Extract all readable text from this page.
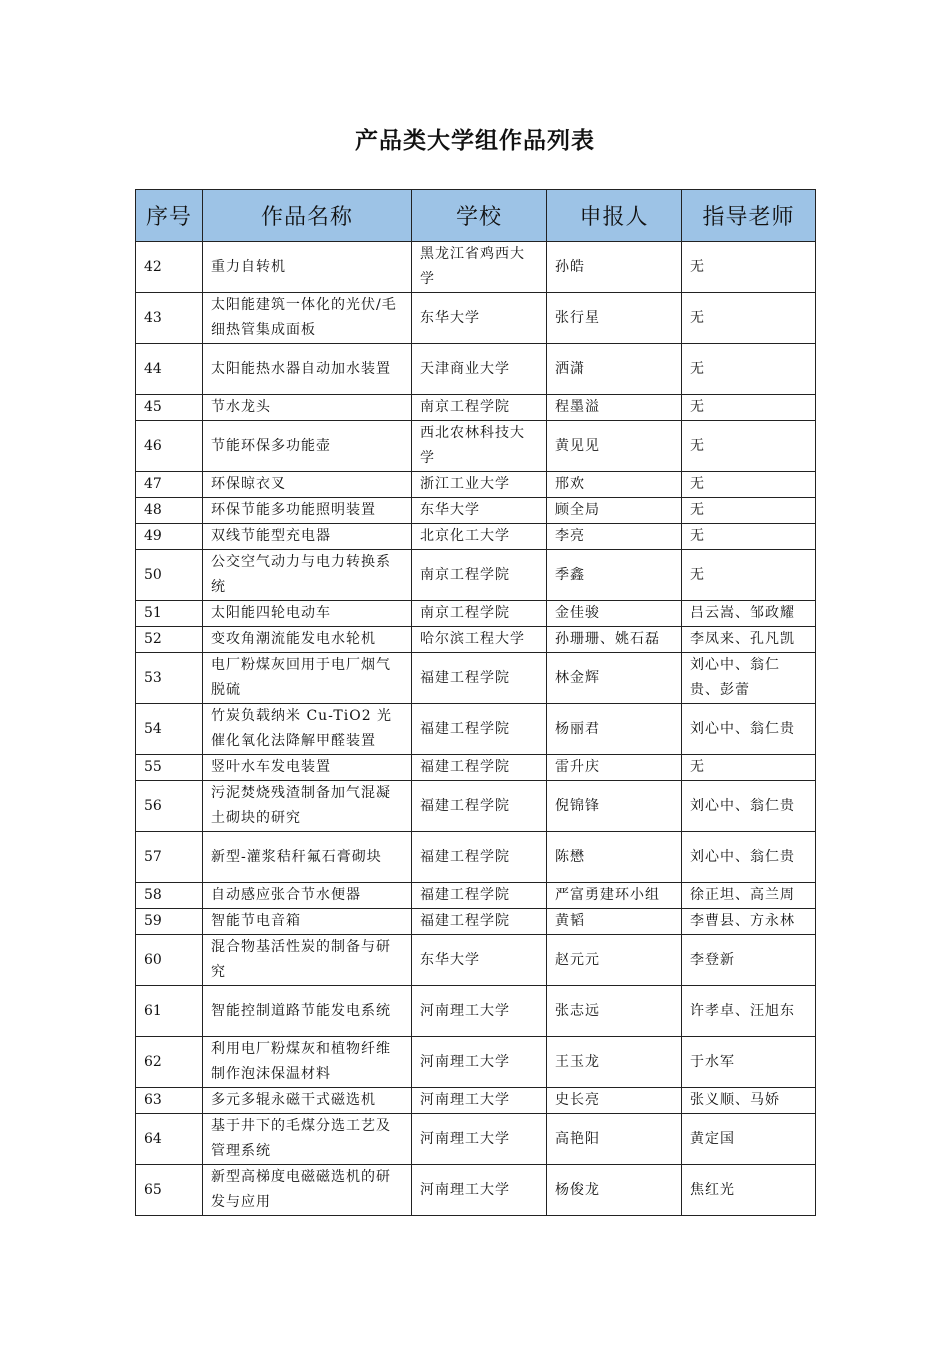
产品类大学组作品列表
序号	作品名称	学校	申报人	指导老师
42	重力自转机	黑龙江省鸡西大学	孙皓	无
43	太阳能建筑一体化的光伏/毛细热管集成面板	东华大学	张行星	无
44	太阳能热水器自动加水装置	天津商业大学	洒潇	无
45	节水龙头	南京工程学院	程墨溢	无
46	节能环保多功能壶	西北农林科技大学	黄见见	无
47	环保晾衣叉	浙江工业大学	邢欢	无
48	环保节能多功能照明装置	东华大学	顾全局	无
49	双线节能型充电器	北京化工大学	李亮	无
50	公交空气动力与电力转换系统	南京工程学院	季鑫	无
51	太阳能四轮电动车	南京工程学院	金佳骏	吕云嵩、邹政耀
52	变攻角潮流能发电水轮机	哈尔滨工程大学	孙珊珊、姚石磊	李凤来、孔凡凯
53	电厂粉煤灰回用于电厂烟气脱硫	福建工程学院	林金辉	刘心中、翁仁贵、彭蕾
54	竹炭负载纳米 Cu-TiO2 光催化氧化法降解甲醛装置	福建工程学院	杨丽君	刘心中、翁仁贵
55	竖叶水车发电装置	福建工程学院	雷升庆	无
56	污泥焚烧残渣制备加气混凝土砌块的研究	福建工程学院	倪锦锋	刘心中、翁仁贵
57	新型-灌浆秸秆氟石膏砌块	福建工程学院	陈懋	刘心中、翁仁贵
58	自动感应张合节水便器	福建工程学院	严富勇建环小组	徐正坦、高兰周
59	智能节电音箱	福建工程学院	黄韬	李曹县、方永林
60	混合物基活性炭的制备与研究	东华大学	赵元元	李登新
61	智能控制道路节能发电系统	河南理工大学	张志远	许孝卓、汪旭东
62	利用电厂粉煤灰和植物纤维制作泡沫保温材料	河南理工大学	王玉龙	于水军
63	多元多辊永磁干式磁选机	河南理工大学	史长亮	张义顺、马娇
64	基于井下的毛煤分选工艺及管理系统	河南理工大学	高艳阳	黄定国
65	新型高梯度电磁磁选机的研发与应用	河南理工大学	杨俊龙	焦红光
